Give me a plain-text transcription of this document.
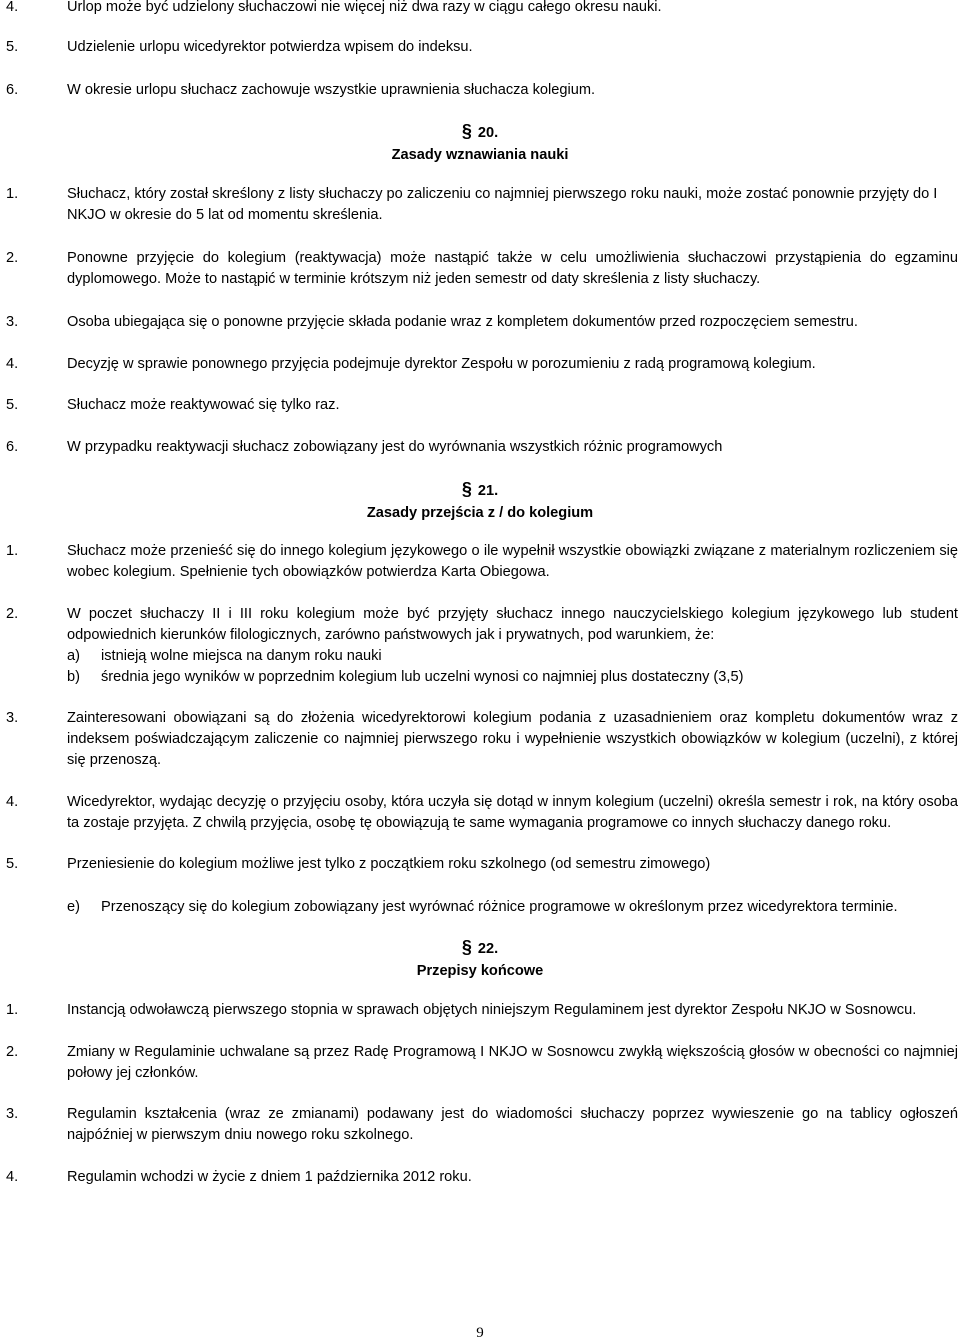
4.	Urlop może być udzielony słuchaczowi nie więcej niż dwa razy w ciągu całego okresu nauki.
5.	Udzielenie urlopu wicedyrektor potwierdza wpisem do indeksu.
6.	W okresie urlopu słuchacz zachowuje wszystkie uprawnienia słuchacza kolegium.
§ 20.
Zasady wznawiania nauki
1.	Słuchacz, który został skreślony z listy słuchaczy po zaliczeniu co najmniej pierwszego roku nauki, może zostać ponownie przyjęty do I NKJO w okresie do 5 lat od momentu skreślenia.
2.	Ponowne przyjęcie do kolegium (reaktywacja) może nastąpić także w celu umożliwienia słuchaczowi przystąpienia do egzaminu dyplomowego. Może to nastąpić w terminie krótszym niż jeden semestr od daty skreślenia z listy słuchaczy.
3.	Osoba ubiegająca się o ponowne przyjęcie składa podanie wraz z kompletem dokumentów przed rozpoczęciem semestru.
4.	Decyzję w sprawie ponownego przyjęcia podejmuje dyrektor Zespołu w porozumieniu z radą programową kolegium.
5.	Słuchacz może reaktywować się tylko raz.
6.	W przypadku reaktywacji słuchacz zobowiązany jest do wyrównania wszystkich różnic programowych
§ 21.
Zasady przejścia z / do kolegium
1.	Słuchacz może przenieść się do innego kolegium językowego o ile wypełnił wszystkie obowiązki związane z materialnym rozliczeniem się wobec kolegium. Spełnienie tych obowiązków potwierdza Karta Obiegowa.
2.	W poczet słuchaczy II i III roku kolegium może być przyjęty słuchacz innego nauczycielskiego kolegium językowego lub student odpowiednich kierunków filologicznych, zarówno państwowych jak i prywatnych, pod warunkiem, że:
a) istnieją wolne miejsca na danym roku nauki
b) średnia jego wyników w poprzednim kolegium lub uczelni wynosi co najmniej plus dostateczny (3,5)
3.	Zainteresowani obowiązani są do złożenia wicedyrektorowi kolegium podania z uzasadnieniem oraz kompletu dokumentów wraz z indeksem poświadczającym zaliczenie co najmniej pierwszego roku i wypełnienie wszystkich obowiązków w kolegium (uczelni), z której się przenoszą.
4.	Wicedyrektor, wydając decyzję o przyjęciu osoby, która uczyła się dotąd w innym kolegium (uczelni) określa semestr i rok, na który osoba ta zostaje przyjęta. Z chwilą przyjęcia, osobę tę obowiązują te same wymagania programowe co innych słuchaczy danego roku.
5.	Przeniesienie do kolegium możliwe jest tylko z początkiem roku szkolnego (od semestru zimowego)
e) Przenoszący się do kolegium zobowiązany jest wyrównać różnice programowe w określonym przez wicedyrektora terminie.
§ 22.
Przepisy końcowe
1.	Instancją odwoławczą pierwszego stopnia w sprawach objętych niniejszym Regulaminem jest dyrektor Zespołu NKJO w Sosnowcu.
2.	Zmiany w Regulaminie uchwalane są przez Radę Programową I NKJO w Sosnowcu zwykłą większością głosów w obecności co najmniej połowy jej członków.
3.	Regulamin kształcenia (wraz ze zmianami) podawany jest do wiadomości słuchaczy poprzez wywieszenie go na tablicy ogłoszeń najpóźniej w pierwszym dniu nowego roku szkolnego.
4.	Regulamin wchodzi w życie z dniem 1 października 2012 roku.
9
